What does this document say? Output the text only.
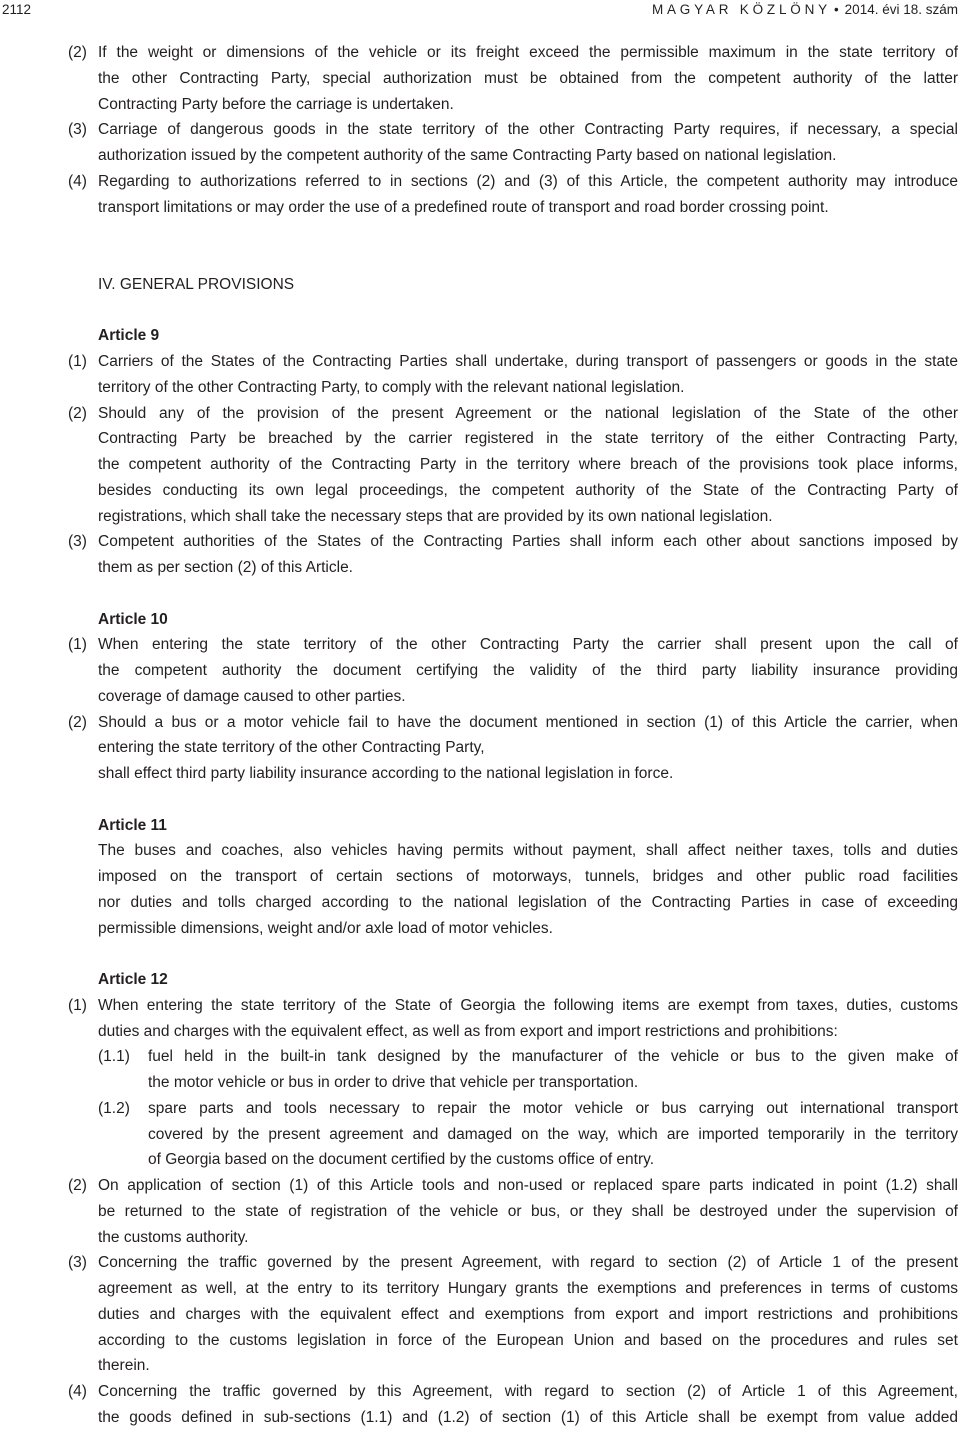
2112	MAGYAR KÖZLÖNY • 2014. évi 18. szám
(2) If the weight or dimensions of the vehicle or its freight exceed the permissible maximum in the state territory of
the other Contracting Party, special authorization must be obtained from the competent authority of the latter
Contracting Party before the carriage is undertaken.
(3) Carriage of dangerous goods in the state territory of the other Contracting Party requires, if necessary, a special
authorization issued by the competent authority of the same Contracting Party based on national legislation.
(4) Regarding to authorizations referred to in sections (2) and (3) of this Article, the competent authority may introduce
transport limitations or may order the use of a predefined route of transport and road border crossing point.
IV. GENERAL PROVISIONS
Article 9
(1) Carriers of the States of the Contracting Parties shall undertake, during transport of passengers or goods in the state
territory of the other Contracting Party, to comply with the relevant national legislation.
(2) Should any of the provision of the present Agreement or the national legislation of the State of the other
Contracting Party be breached by the carrier registered in the state territory of the either Contracting Party,
the competent authority of the Contracting Party in the territory where breach of the provisions took place informs,
besides conducting its own legal proceedings, the competent authority of the State of the Contracting Party of
registrations, which shall take the necessary steps that are provided by its own national legislation.
(3) Competent authorities of the States of the Contracting Parties shall inform each other about sanctions imposed by
them as per section (2) of this Article.
Article 10
(1) When entering the state territory of the other Contracting Party the carrier shall present upon the call of
the competent authority the document certifying the validity of the third party liability insurance providing
coverage of damage caused to other parties.
(2) Should a bus or a motor vehicle fail to have the document mentioned in section (1) of this Article the carrier, when
entering the state territory of the other Contracting Party,
shall effect third party liability insurance according to the national legislation in force.
Article 11
The buses and coaches, also vehicles having permits without payment, shall affect neither taxes, tolls and duties
imposed on the transport of certain sections of motorways, tunnels, bridges and other public road facilities
nor duties and tolls charged according to the national legislation of the Contracting Parties in case of exceeding
permissible dimensions, weight and/or axle load of motor vehicles.
Article 12
(1) When entering the state territory of the State of Georgia the following items are exempt from taxes, duties, customs
duties and charges with the equivalent effect, as well as from export and import restrictions and prohibitions:
(1.1) fuel held in the built-in tank designed by the manufacturer of the vehicle or bus to the given make of
the motor vehicle or bus in order to drive that vehicle per transportation.
(1.2) spare parts and tools necessary to repair the motor vehicle or bus carrying out international transport
covered by the present agreement and damaged on the way, which are imported temporarily in the territory
of Georgia based on the document certified by the customs office of entry.
(2) On application of section (1) of this Article tools and non-used or replaced spare parts indicated in point (1.2) shall
be returned to the state of registration of the vehicle or bus, or they shall be destroyed under the supervision of
the customs authority.
(3) Concerning the traffic governed by the present Agreement, with regard to section (2) of Article 1 of the present
agreement as well, at the entry to its territory Hungary grants the exemptions and preferences in terms of customs
duties and charges with the equivalent effect and exemptions from export and import restrictions and prohibitions
according to the customs legislation in force of the European Union and based on the procedures and rules set
therein.
(4) Concerning the traffic governed by this Agreement, with regard to section (2) of Article 1 of this Agreement,
the goods defined in sub-sections (1.1) and (1.2) of section (1) of this Article shall be exempt from value added
